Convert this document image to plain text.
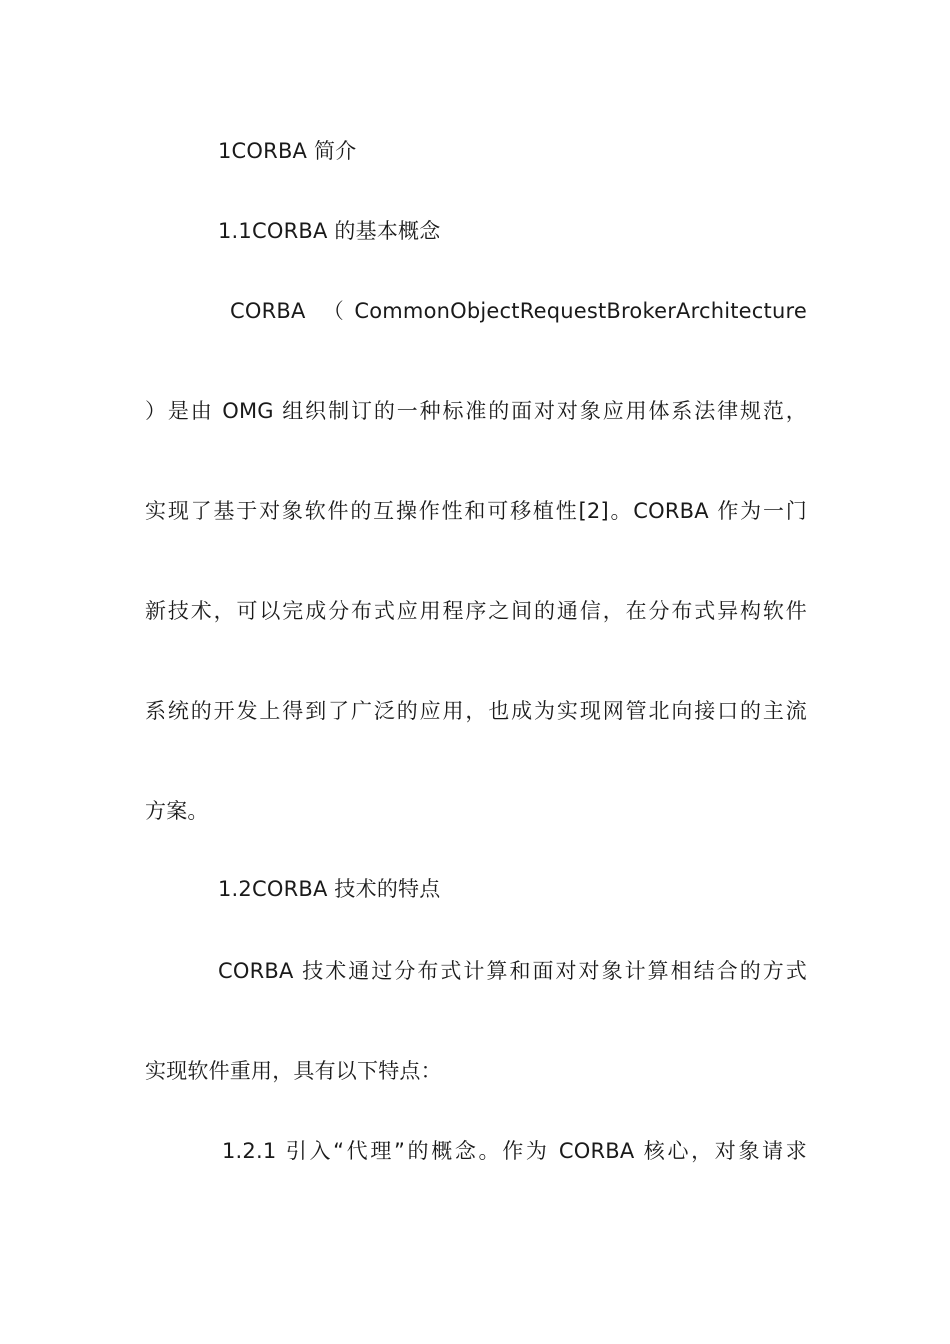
1CORBA 简介
1.1CORBA 的基本概念
CORBA （CommonObjectRequestBrokerArchitecture
）是由 OMG 组织制订的一种标准的面对对象应用体系法律规范，
实现了基于对象软件的互操作性和可移植性[2]。CORBA 作为一门
新技术，可以完成分布式应用程序之间的通信，在分布式异构软件
系统的开发上得到了广泛的应用，也成为实现网管北向接口的主流
方案。
1.2CORBA 技术的特点
CORBA 技术通过分布式计算和面对对象计算相结合的方式
实现软件重用，具有以下特点：
1.2.1 引入“代理”的概念。作为 CORBA 核心，对象请求
